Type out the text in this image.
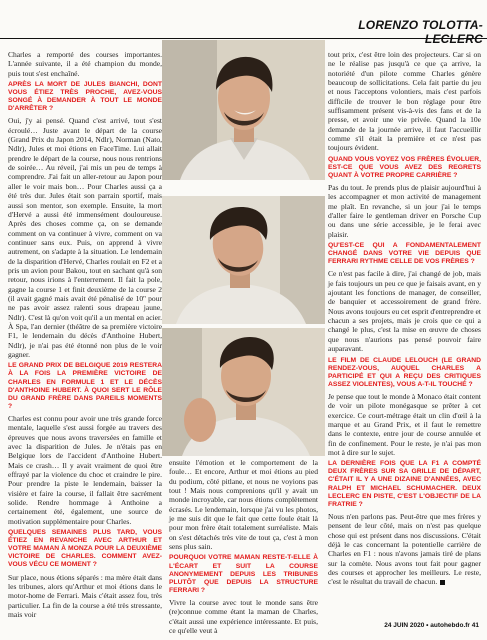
LORENZO TOLOTTA-LECLERC

Charles a remporté des courses importantes. L'année suivante, il a été champion du monde, puis tout s'est enchaîné.

APRÈS LA MORT DE JULES BIANCHI, DONT VOUS ÉTIEZ TRÈS PROCHE, AVEZ-VOUS SONGÉ À DEMANDER À TOUT LE MONDE D'ARRÊTER ?

Oui, j'y ai pensé. Quand c'est arrivé, tout s'est écroulé… Juste avant le départ de la course (Grand Prix du Japon 2014, Ndlr), Norman (Nato, Ndlr), Jules et moi étions en FaceTime. Lui allait prendre le départ de la course, nous nous rentrions de soirée… Au réveil, j'ai mis un peu de temps à comprendre. J'ai fait un aller-retour au Japon pour aller le voir mais bon… Pour Charles aussi ça a été très dur. Jules était son parrain sportif, mais aussi son mentor, son exemple. Ensuite, la mort d'Hervé a aussi été immensément douloureuse. Après des choses comme ça, on se demande comment on va continuer à vivre, comment on va continuer sans eux. Puis, on apprend à vivre autrement, on s'adapte à la situation. Le lendemain de la disparition d'Hervé, Charles roulait en F2 et a pris un avion pour Bakou, tout en sachant qu'à son retour, nous irions à l'enterrement. Il fait la pole, gagne la course 1 et finit deuxième de la course 2 (il avait gagné mais avait été pénalisé de 10'' pour ne pas avoir assez ralenti sous drapeau jaune, Ndlr). C'est là qu'on voit qu'il a un mental en acier. À Spa, l'an dernier (théâtre de sa première victoire F1, le lendemain du décès d'Anthoine Hubert, Ndlr), je n'ai pas été étonné non plus de le voir gagner.

LE GRAND PRIX DE BELGIQUE 2019 RESTERA À LA FOIS LA PREMIÈRE VICTOIRE DE CHARLES EN FORMULE 1 ET LE DÉCÈS D'ANTHOINE HUBERT. À QUOI SERT LE RÔLE DU GRAND FRÈRE DANS PAREILS MOMENTS ?

Charles est connu pour avoir une très grande force mentale, laquelle s'est aussi forgée au travers des épreuves que nous avons traversées en famille et avec la disparition de Jules. Je n'étais pas en Belgique lors de l'accident d'Anthoine Hubert. Mais ce crash… Il y avait vraiment de quoi être effrayé par la violence du choc et craindre le pire. Pour prendre la piste le lendemain, baisser la visière et faire la course, il fallait être sacrément solide. Rendre hommage à Anthoine a certainement été, également, une source de motivation supplémentaire pour Charles.

QUELQUES SEMAINES PLUS TARD, VOUS ÉTIEZ EN REVANCHE AVEC ARTHUR ET VOTRE MAMAN À MONZA POUR LA DEUXIÈME VICTOIRE DE CHARLES. COMMENT AVEZ-VOUS VÉCU CE MOMENT ?

Sur place, nous étions séparés : ma mère était dans les tribunes, alors qu'Arthur et moi étions dans le motor-home de Ferrari. Mais c'était assez fou, très particulier. La fin de la course a été très stressante, mais voir

ensuite l'émotion et le comportement de la foule… Et encore, Arthur et moi étions au pied du podium, côté pitlane, et nous ne voyions pas tout ! Mais nous comprenions qu'il y avait un monde incroyable, car nous étions complètement écrasés. Le lendemain, lorsque j'ai vu les photos, je me suis dit que le fait que cette foule était là pour mon frère était totalement surréaliste. Mais on s'est détachés très vite de tout ça, c'est à mon sens plus sain.

POURQUOI VOTRE MAMAN RESTE-T-ELLE À L'ÉCART ET SUIT LA COURSE ANONYMEMENT DEPUIS LES TRIBUNES PLUTÔT QUE DEPUIS LA STRUCTURE FERRARI ?

Vivre la course avec tout le monde sans être (re)connue comme étant la maman de Charles, c'était aussi une expérience intéressante. Et puis, ce qu'elle veut à

tout prix, c'est être loin des projecteurs. Car si on ne le réalise pas jusqu'à ce que ça arrive, la notoriété d'un pilote comme Charles génère beaucoup de sollicitations. Cela fait partie du jeu et nous l'acceptons volontiers, mais c'est parfois difficile de trouver le bon réglage pour être suffisamment présent vis-à-vis des fans et de la presse, et avoir une vie privée. Quand la 10e demande de la journée arrive, il faut l'accueillir comme s'il était la première et ce n'est pas toujours évident.

QUAND VOUS VOYEZ VOS FRÈRES ÉVOLUER, EST-CE QUE VOUS AVEZ DES REGRETS QUANT À VOTRE PROPRE CARRIÈRE ?

Pas du tout. Je prends plus de plaisir aujourd'hui à les accompagner et mon activité de management me plaît. En revanche, si un jour j'ai le temps d'aller faire le gentleman driver en Porsche Cup ou dans une série accessible, je le ferai avec plaisir.

QU'EST-CE QUI A FONDAMENTALEMENT CHANGÉ DANS VOTRE VIE DEPUIS QUE FERRARI RYTHME CELLE DE VOS FRÈRES ?

Ce n'est pas facile à dire, j'ai changé de job, mais je fais toujours un peu ce que je faisais avant, en y ajoutant les fonctions de manager, de conseiller, de banquier et accessoirement de grand frère. Nous avons toujours eu cet esprit d'entreprendre et chacun a ses projets, mais je crois que ce qui a changé le plus, c'est la mise en œuvre de choses que nous n'aurions pas pensé pouvoir faire auparavant.

LE FILM DE CLAUDE LELOUCH (LE GRAND RENDEZ-VOUS, AUQUEL CHARLES A PARTICIPÉ ET QUI A REÇU DES CRITIQUES ASSEZ VIOLENTES), VOUS A-T-IL TOUCHÉ ?

Je pense que tout le monde à Monaco était content de voir un pilote monégasque se prêter à cet exercice. Ce court-métrage était un clin d'œil à la marque et au Grand Prix, et il faut le remettre dans le contexte, entre jour de course annulée et fin de confinement. Pour le reste, je n'ai pas mon mot à dire sur le sujet.

LA DERNIÈRE FOIS QUE LA F1 A COMPTÉ DEUX FRÈRES SUR SA GRILLE DE DÉPART, C'ÉTAIT IL Y A UNE DIZAINE D'ANNÉES, AVEC RALPH ET MICHAEL SCHUMACHER. DEUX LECLERC EN PISTE, C'EST L'OBJECTIF DE LA FRATRIE ?

Nous n'en parlons pas. Peut-être que mes frères y pensent de leur côté, mais on n'est pas quelque chose qui est présent dans nos discussions. C'était déjà le cas concernant la potentielle carrière de Charles en F1 : nous n'avons jamais tiré de plans sur la comète. Nous avons tout fait pour gagner des courses et approcher les meilleurs. Le reste, c'est le résultat du travail de chacun.

24 JUIN 2020 • autohebdo.fr 41
